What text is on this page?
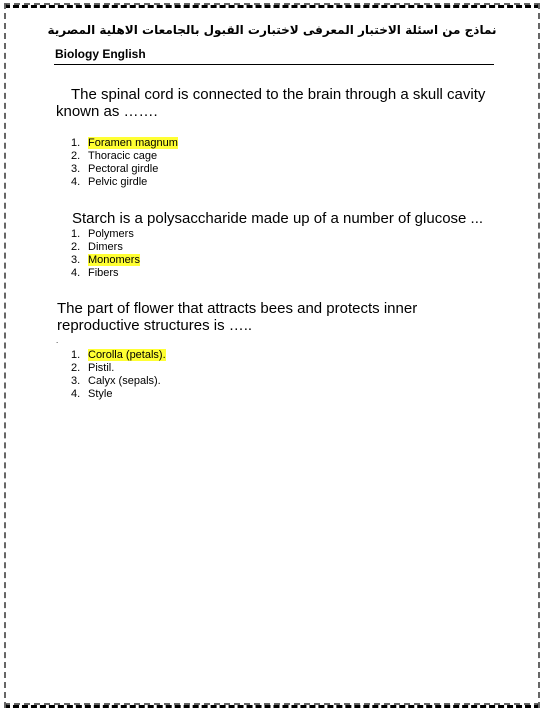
نماذج من اسئلة الاختبار المعرفى لاختبارت القبول بالجامعات الاهلية المصرية
Biology English
The spinal cord is connected to the brain through a skull cavity known as …….
1. Foramen magnum
2. Thoracic cage
3. Pectoral girdle
4. Pelvic girdle
Starch is a polysaccharide made up of a number of glucose ...
1. Polymers
2. Dimers
3. Monomers
4. Fibers
The part of flower that attracts bees and protects inner reproductive structures is …..
.
1. Corolla (petals).
2. Pistil.
3. Calyx (sepals).
4. Style
